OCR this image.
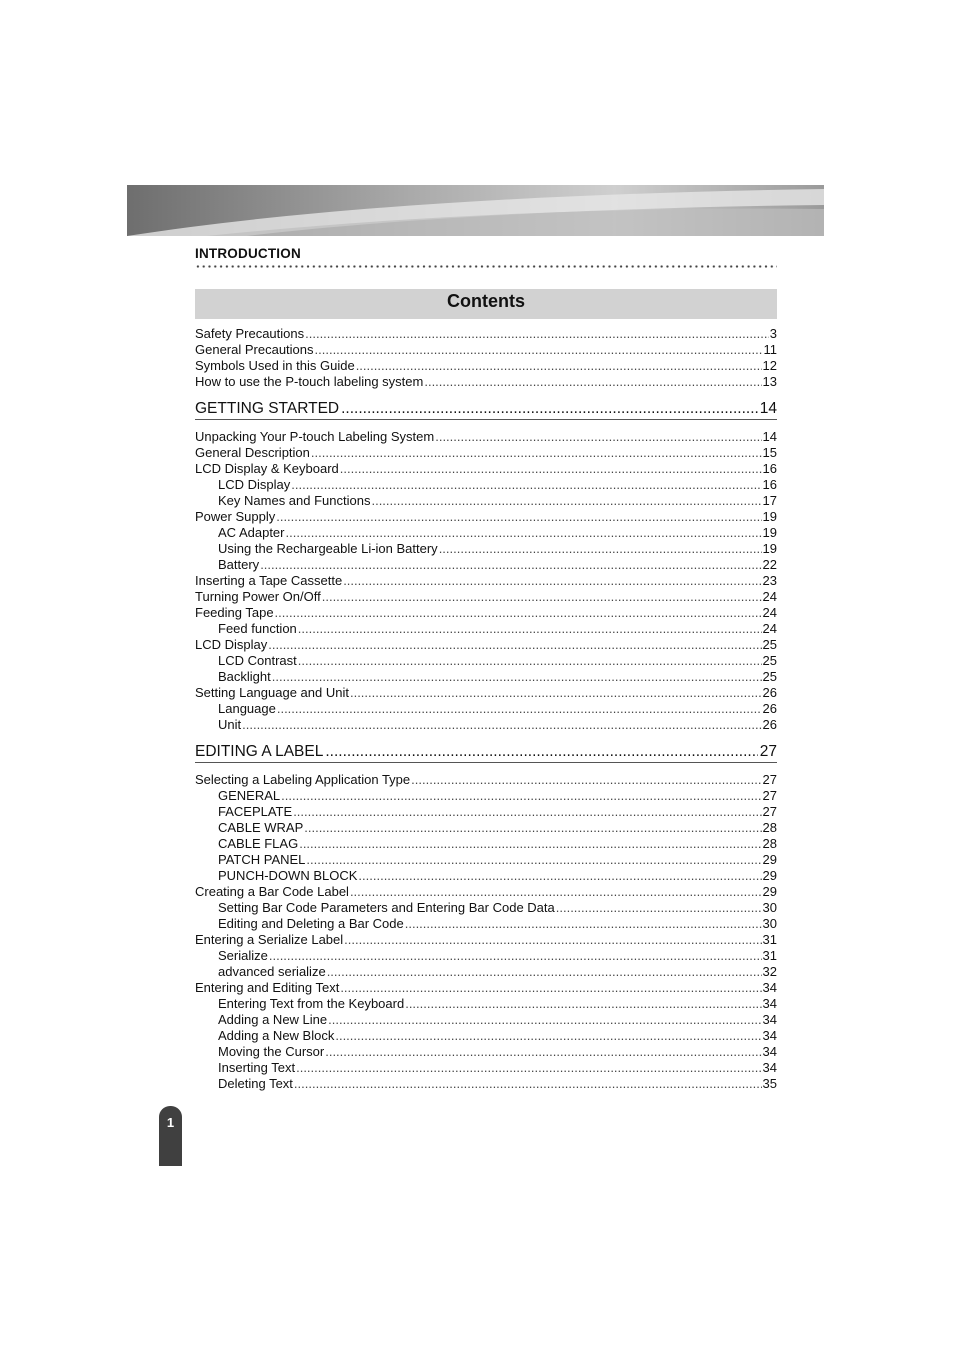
INTRODUCTION
Contents
Safety Precautions .....	3
General Precautions .....	11
Symbols Used in this Guide .....	12
How to use the P-touch labeling system .....	13
GETTING STARTED .....	14
Unpacking Your P-touch Labeling System .....	14
General Description .....	15
LCD Display & Keyboard .....	16
LCD Display .....	16
Key Names and Functions .....	17
Power Supply .....	19
AC Adapter .....	19
Using the Rechargeable Li-ion Battery .....	19
Battery .....	22
Inserting a Tape Cassette .....	23
Turning Power On/Off .....	24
Feeding Tape .....	24
Feed function .....	24
LCD Display .....	25
LCD Contrast .....	25
Backlight .....	25
Setting Language and Unit .....	26
Language .....	26
Unit .....	26
EDITING A LABEL .....	27
Selecting a Labeling Application Type .....	27
GENERAL .....	27
FACEPLATE .....	27
CABLE WRAP .....	28
CABLE FLAG .....	28
PATCH PANEL .....	29
PUNCH-DOWN BLOCK .....	29
Creating a Bar Code Label .....	29
Setting Bar Code Parameters and Entering Bar Code Data .....	30
Editing and Deleting a Bar Code .....	30
Entering a Serialize Label .....	31
Serialize .....	31
advanced serialize .....	32
Entering and Editing Text .....	34
Entering Text from the Keyboard .....	34
Adding a New Line .....	34
Adding a New Block .....	34
Moving the Cursor .....	34
Inserting Text .....	34
Deleting Text .....	35
1
